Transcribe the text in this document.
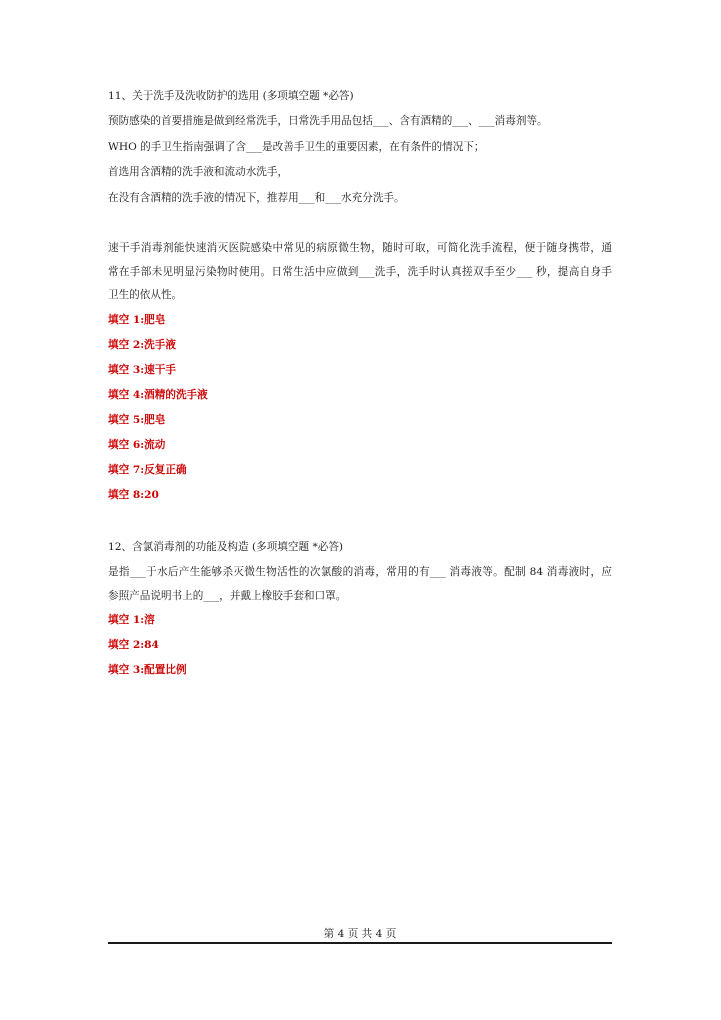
11、关于洗手及洗收防护的选用 (多项填空题 *必答)
预防感染的首要措施是做到经常洗手，日常洗手用品包括___、含有酒精的___、___消毒剂等。
WHO 的手卫生指南强调了含___是改善手卫生的重要因素，在有条件的情况下；
首选用含酒精的洗手液和流动水洗手，
在没有含酒精的洗手液的情况下，推荐用___和___水充分洗手。
速干手消毒剂能快速消灭医院感染中常见的病原微生物，随时可取，可简化洗手流程，便于随身携带，通
常在手部未见明显污染物时使用。日常生活中应做到___洗手，洗手时认真搓双手至少___ 秒，提高自身手
卫生的依从性。
填空 1:肥皂
填空 2:洗手液
填空 3:速干手
填空 4:酒精的洗手液
填空 5:肥皂
填空 6:流动
填空 7:反复正确
填空 8:20
12、含氯消毒剂的功能及构造 (多项填空题 *必答)
是指___于水后产生能够杀灭微生物活性的次氯酸的消毒，常用的有___ 消毒液等。配制 84 消毒液时，应
参照产品说明书上的___，并戴上橡胶手套和口罩。
填空 1:溶
填空 2:84
填空 3:配置比例
第 4 页 共 4 页
